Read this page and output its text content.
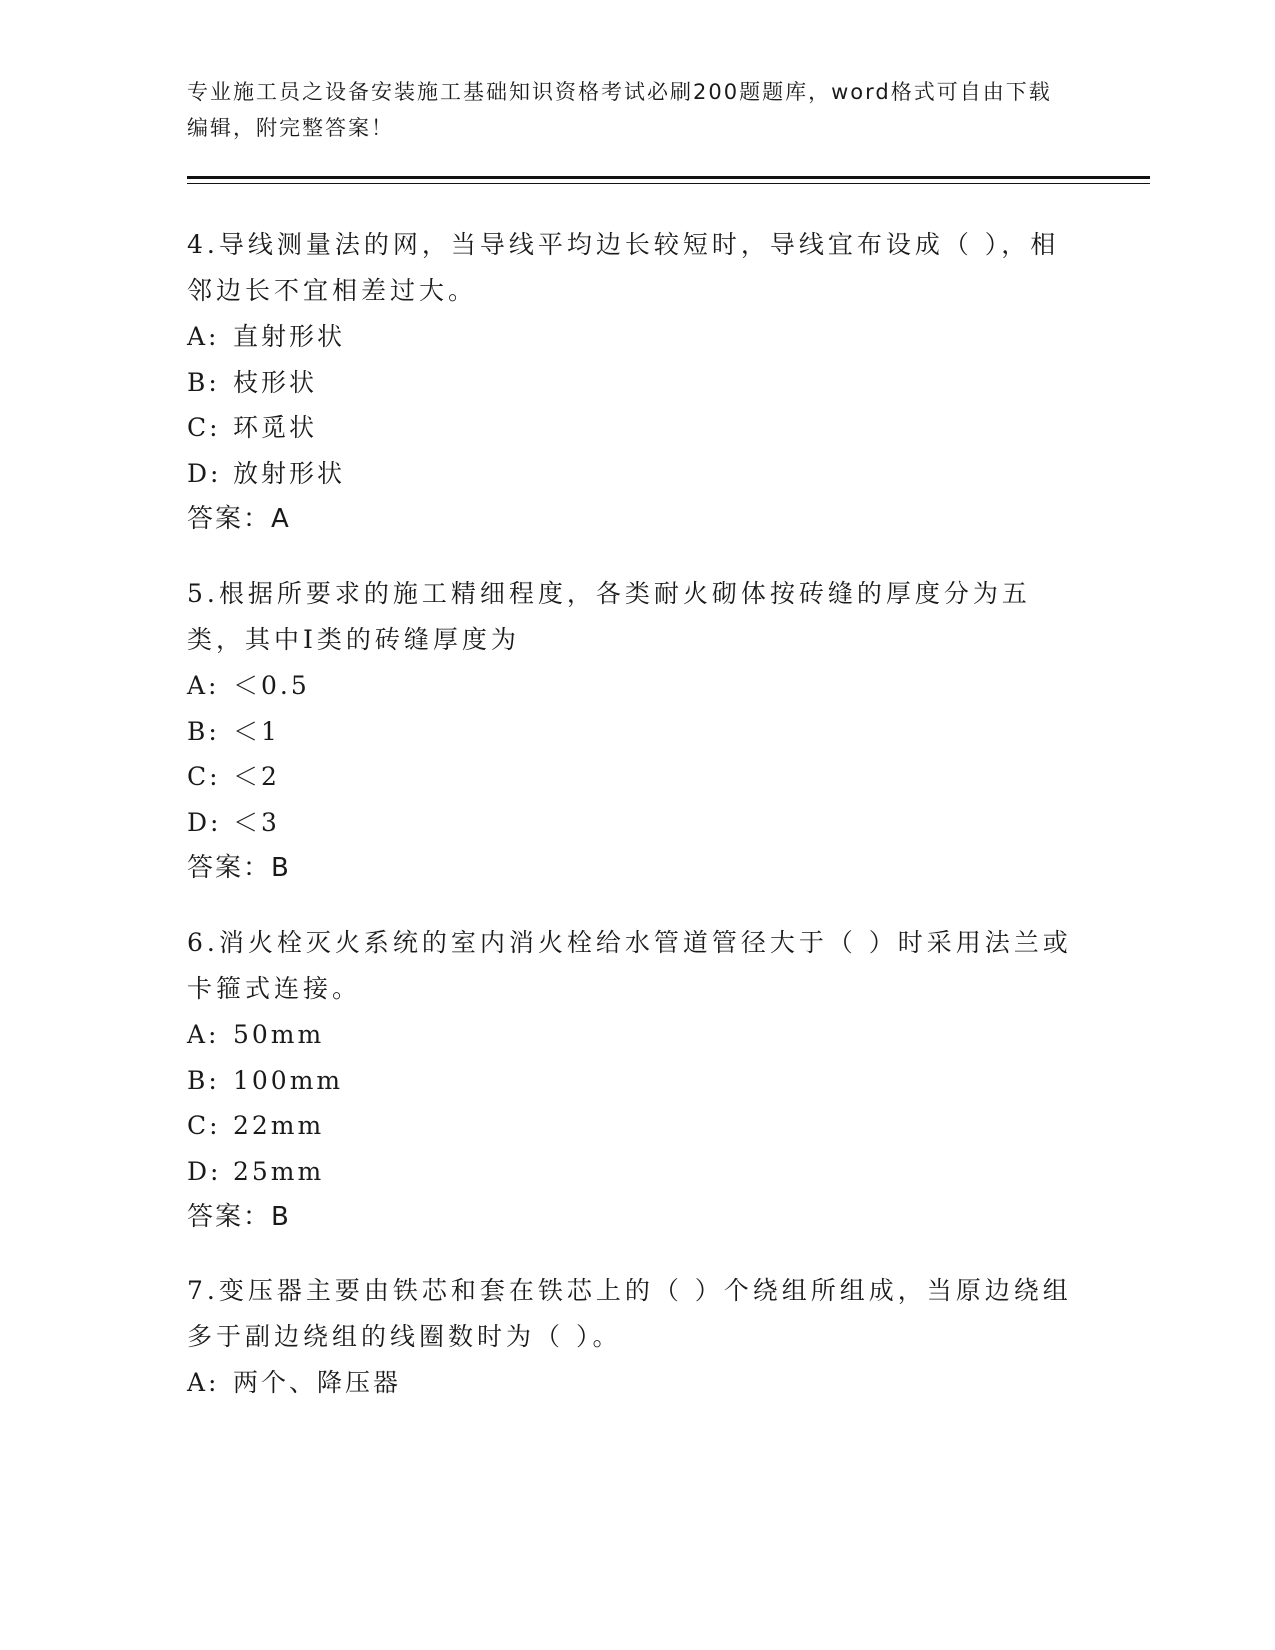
专业施工员之设备安装施工基础知识资格考试必刷200题题库，word格式可自由下载编辑，附完整答案！

4.导线测量法的网，当导线平均边长较短时，导线宜布设成（ ），相邻边长不宜相差过大。

A: 直射形状

B: 枝形状

C: 环觅状

D: 放射形状

答案：A

5.根据所要求的施工精细程度，各类耐火砌体按砖缝的厚度分为五类，其中Ⅰ类的砖缝厚度为

A: ＜0.5

B: ＜1

C: ＜2

D: ＜3

答案：B

6.消火栓灭火系统的室内消火栓给水管道管径大于（ ）时采用法兰或卡箍式连接。

A: 50mm

B: 100mm

C: 22mm

D: 25mm

答案：B

7.变压器主要由铁芯和套在铁芯上的（ ）个绕组所组成，当原边绕组多于副边绕组的线圈数时为（ ）。

A: 两个、降压器
